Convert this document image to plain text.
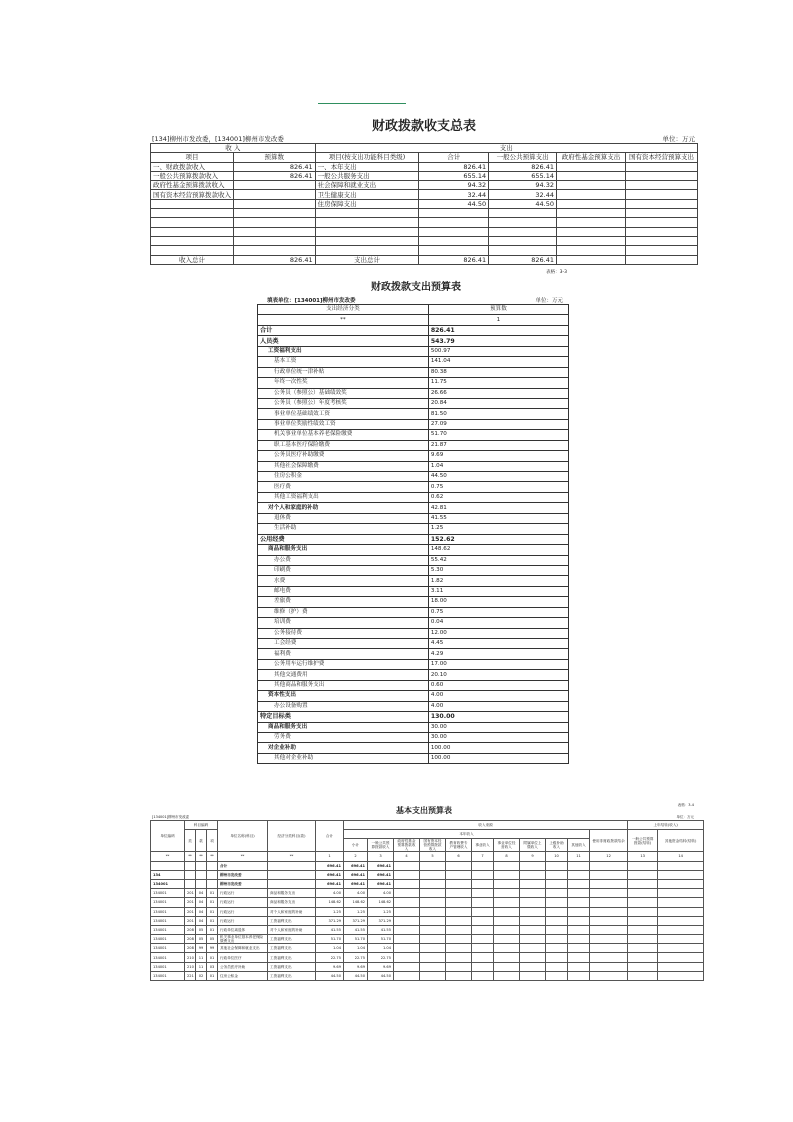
财政拨款收支总表
[134]柳州市发改委，[134001]柳州市发改委	单位：万元
收 入		支出				
项目	预算数	项目(按支出功能科目类级)	合计	一般公共预算支出	政府性基金预算支出	国有资本经营预算支出
一、财政拨款收入	826.41	一、本年支出	826.41	826.41		
一般公共预算拨款收入	826.41	一般公共服务支出	655.14	655.14		
政府性基金预算拨款收入		社会保障和就业支出	94.32	94.32		
国有资本经营预算拨款收入		卫生健康支出	32.44	32.44		
		住房保障支出	44.50	44.50		

收入总计	826.41	支出总计	826.41	826.41		
表格：3-3
财政拨款支出预算表
填表单位：[134001]柳州市发改委	单位：万元
支出经济分类	预算数
**	1
合计	826.41
人员类	543.79
工资福利支出	500.97
基本工资	141.04
行政单位统一津补贴	80.38
年终一次性奖	11.75
公务员（参照公）基础绩效奖	26.66
公务员（参照公）年度考核奖	20.84
事业单位基础绩效工资	81.50
事业单位奖励性绩效工资	27.09
机关事业单位基本养老保险缴费	51.70
职工基本医疗保险缴费	21.87
公务员医疗补助缴费	9.69
其他社会保障缴费	1.04
住房公积金	44.50
医疗费	0.75
其他工资福利支出	0.62
对个人和家庭的补助	42.81
退休费	41.55
生活补助	1.25
公用经费	152.62
商品和服务支出	148.62
办公费	55.42
印刷费	5.30
水费	1.82
邮电费	3.11
差旅费	18.00
维修（护）费	0.75
培训费	0.04
公务接待费	12.00
工会经费	4.45
福利费	4.29
公务用车运行维护费	17.00
其他交通费用	20.10
其他商品和服务支出	0.60
资本性支出	4.00
办公设备购置	4.00
特定目标类	130.00
商品和服务支出	30.00
劳务费	30.00
对企业补助	100.00
其他对企业补助	100.00
表格：3-4
基本支出预算表
[134001]柳州市发改委	单位：万元
单位编码	科目编码			单位名称(科目)	经济分类科目(款)	合计	收入来源											上年结转(收入)	
	类	款	项				本年收入										使用非财政拨款结余	一般公共预算拨款(结转)	其他资金结转(结转)
							小计	一般公共预算拨款收入	政府性基金预算拨款收入	国有资本经营预算拨款收入	教育收费专户管理收入	事业收入	事业单位经营收入	附属单位上缴收入	上级补助收入	其他收入			
**	**	**	**	**	**	1	2	3	4	5	6	7	8	9	10	11	12	13	14
				合计		696.41	696.41	696.41											
134				柳州市发改委		696.41	696.41	696.41											
134001				柳州市发改委		696.41	696.41	696.41											
134001	201	04	01	行政运行	商品和服务支出	4.00	4.00	4.00											
134001	201	04	01	行政运行	商品和服务支出	148.62	148.62	148.62											
134001	201	04	01	行政运行	对个人和家庭的补助	1.25	1.25	1.25											
134001	201	04	01	行政运行	工资福利支出	371.29	371.29	371.29											
134001	208	05	01	行政单位离退休	对个人和家庭的补助	41.55	41.55	41.55											
134001	208	05	05	机关事业单位基本养老保险缴费支出	工资福利支出	51.70	51.70	51.70											
134001	208	99	99	其他社会保障和就业支出	工资福利支出	1.04	1.04	1.04											
134001	210	11	01	行政单位医疗	工资福利支出	22.75	22.75	22.75											
134001	210	11	03	公务员医疗补助	工资福利支出	9.69	9.69	9.69											
134001	221	02	01	住房公积金	工资福利支出	44.50	44.50	44.50											
